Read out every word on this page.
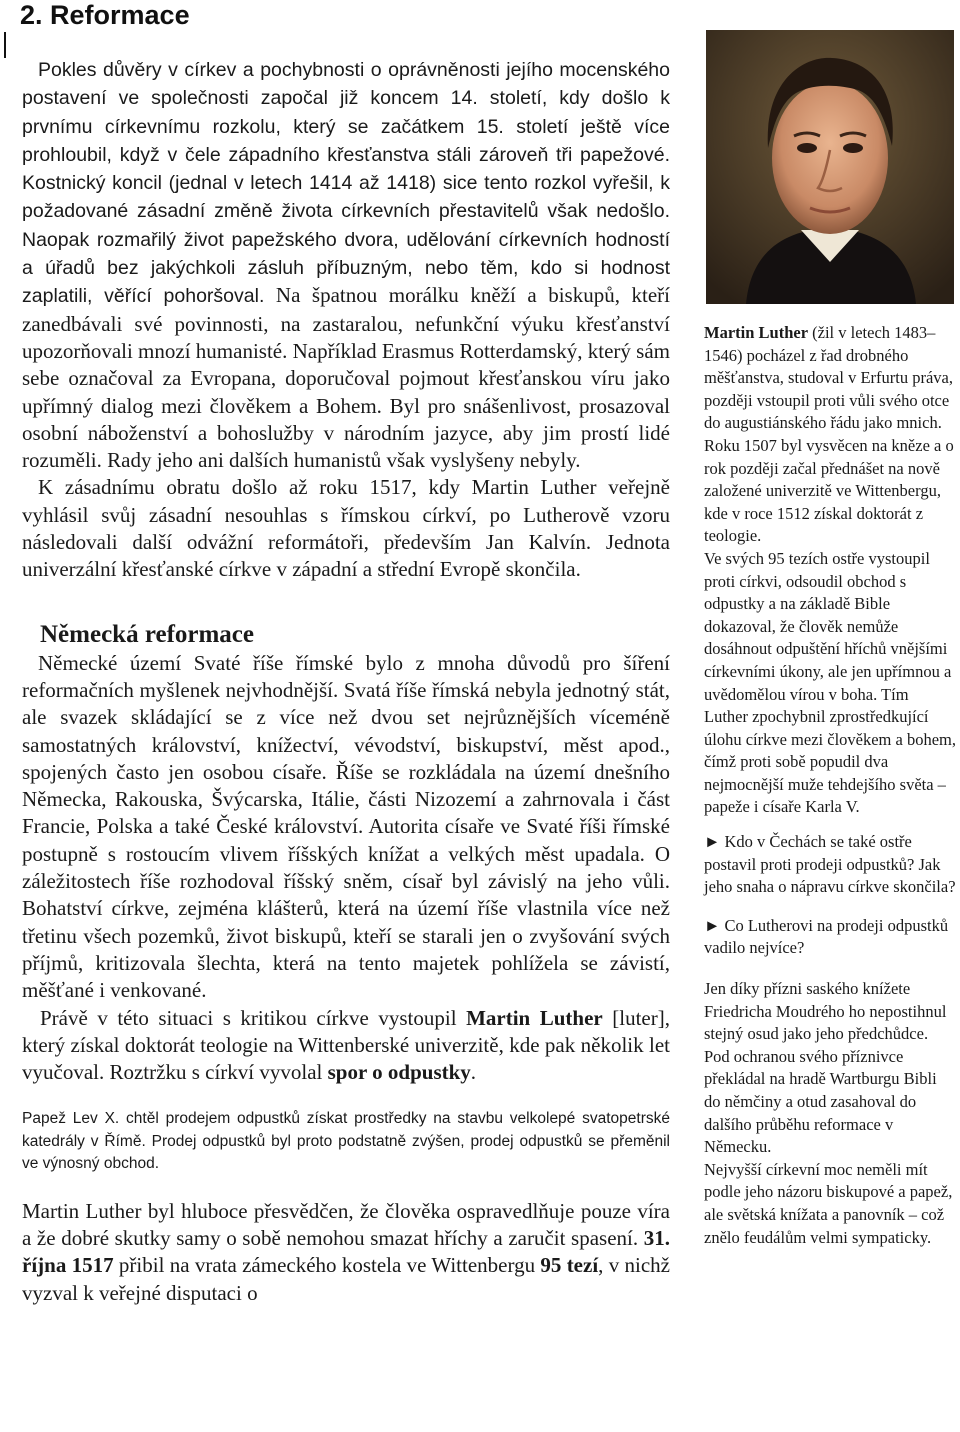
2. Reformace

Pokles důvěry v církev a pochybnosti o oprávněnosti jejího mocenského postavení ve společnosti započal již koncem 14. století, kdy došlo k prvnímu církevnímu rozkolu, který se začátkem 15. století ještě více prohloubil, když v čele západního křesťanstva stáli zároveň tři papežové. Kostnický koncil (jednal v letech 1414 až 1418) sice tento rozkol vyřešil, k požadované zásadní změně života církevních přestavitelů však nedošlo. Naopak rozmařilý život papežského dvora, udělování církevních hodností a úřadů bez jakýchkoli zásluh příbuzným, nebo těm, kdo si hodnost zaplatili, věřící pohoršoval. Na špatnou morálku kněží a biskupů, kteří zanedbávali své povinnosti, na zastaralou, nefunkční výuku křesťanství upozorňovali mnozí humanisté. Například Erasmus Rotterdamský, který sám sebe označoval za Evropana, doporučoval pojmout křesťanskou víru jako upřímný dialog mezi člověkem a Bohem. Byl pro snášenlivost, prosazoval osobní náboženství a bohoslužby v národním jazyce, aby jim prostí lidé rozuměli. Rady jeho ani dalších humanistů však vyslyšeny nebyly.

K zásadnímu obratu došlo až roku 1517, kdy Martin Luther veřejně vyhlásil svůj zásadní nesouhlas s římskou církví, po Lutherově vzoru následovali další odvážní reformátoři, především Jan Kalvín. Jednota univerzální křesťanské církve v západní a střední Evropě skončila.

Německá reformace

Německé území Svaté říše římské bylo z mnoha důvodů pro šíření reformačních myšlenek nejvhodnější. Svatá říše římská nebyla jednotný stát, ale svazek skládající se z více než dvou set nejrůznějších víceméně samostatných království, knížectví, vévodství, biskupství, měst apod., spojených často jen osobou císaře. Říše se rozkládala na území dnešního Německa, Rakouska, Švýcarska, Itálie, části Nizozemí a zahrnovala i část Francie, Polska a také České království. Autorita císaře ve Svaté říši římské postupně s rostoucím vlivem říšských knížat a velkých měst upadala. O záležitostech říše rozhodoval říšský sněm, císař byl závislý na jeho vůli. Bohatství církve, zejména klášterů, která na území říše vlastnila více než třetinu všech pozemků, život biskupů, kteří se starali jen o zvyšování svých příjmů, kritizovala šlechta, která na tento majetek pohlížela se závistí, měšťané i venkované.

Právě v této situaci s kritikou církve vystoupil Martin Luther [luter], který získal doktorát teologie na Wittenberské univerzitě, kde pak několik let vyučoval. Roztržku s církví vyvolal spor o odpustky.

Papež Lev X. chtěl prodejem odpustků získat prostředky na stavbu velkolepé svatopetrské katedrály v Římě. Prodej odpustků byl proto podstatně zvýšen, prodej odpustků se přeměnil ve výnosný obchod.

Martin Luther byl hluboce přesvědčen, že člověka ospravedlňuje pouze víra a že dobré skutky samy o sobě nemohou smazat hříchy a zaručit spasení. 31. října 1517 přibil na vrata zámeckého kostela ve Wittenbergu 95 tezí, v nichž vyzval k veřejné disputaci o

Martin Luther (žil v letech 1483–1546) pocházel z řad drobného měšťanstva, studoval v Erfurtu práva, později vstoupil proti vůli svého otce do augustiánského řádu jako mnich. Roku 1507 byl vysvěcen na kněze a o rok později začal přednášet na nově založené univerzitě ve Wittenbergu, kde v roce 1512 získal doktorát z teologie.

Ve svých 95 tezích ostře vystoupil proti církvi, odsoudil obchod s odpustky a na základě Bible dokazoval, že člověk nemůže dosáhnout odpuštění hříchů vnějšími církevními úkony, ale jen upřímnou a uvědomělou vírou v boha. Tím Luther zpochybnil zprostředkující úlohu církve mezi člověkem a bohem, čímž proti sobě popudil dva nejmocnější muže tehdejšího světa – papeže i císaře Karla V.

► Kdo v Čechách se také ostře postavil proti prodeji odpustků? Jak jeho snaha o nápravu církve skončila?

► Co Lutherovi na prodeji odpustků vadilo nejvíce?

Jen díky přízni saského knížete Friedricha Moudrého ho nepostihnul stejný osud jako jeho předchůdce. Pod ochranou svého příznivce překládal na hradě Wartburgu Bibli do němčiny a otud zasahoval do dalšího průběhu reformace v Německu.

Nejvyšší církevní moc neměli mít podle jeho názoru biskupové a papež, ale světská knížata a panovník – což znělo feudálům velmi sympaticky.
